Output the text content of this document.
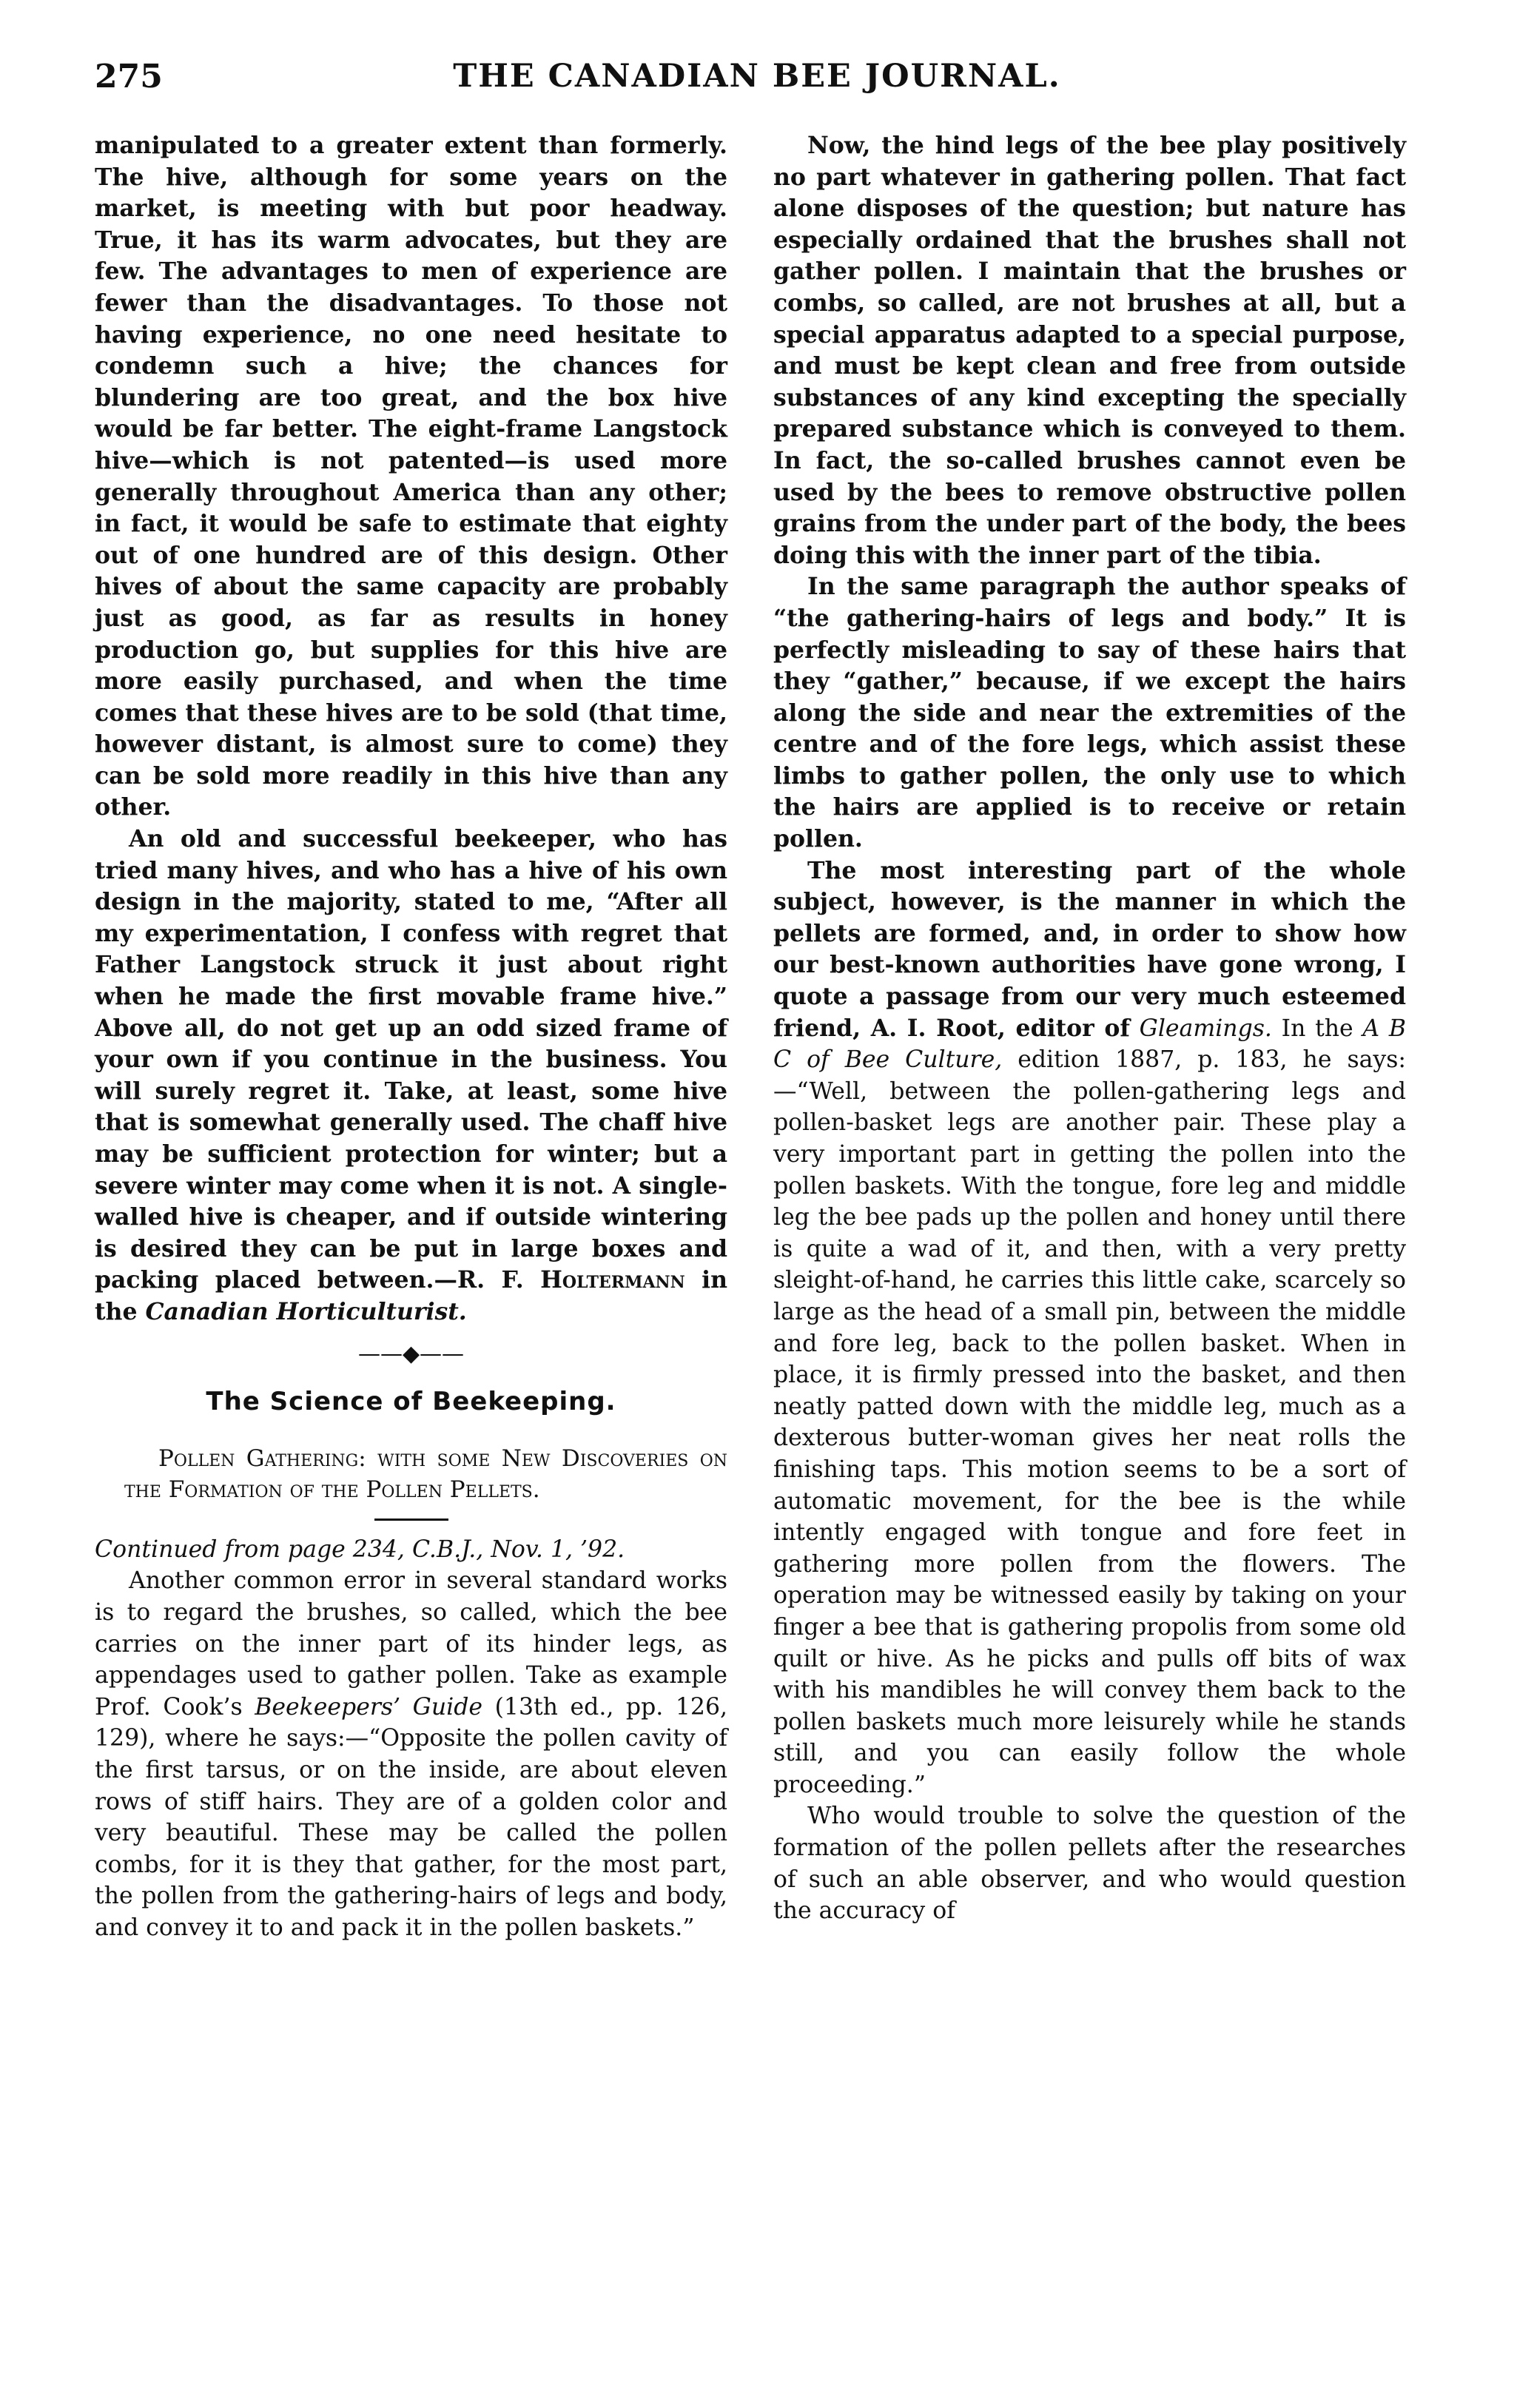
275	THE CANADIAN BEE JOURNAL.

manipulated to a greater extent than formerly. The hive, although for some years on the market, is meeting with but poor headway. True, it has its warm advocates, but they are few. The advantages to men of experience are fewer than the disadvantages. To those not having experience, no one need hesitate to condemn such a hive; the chances for blundering are too great, and the box hive would be far better. The eight-frame Langstock hive—which is not patented—is used more generally throughout America than any other; in fact, it would be safe to estimate that eighty out of one hundred are of this design. Other hives of about the same capacity are probably just as good, as far as results in honey production go, but supplies for this hive are more easily purchased, and when the time comes that these hives are to be sold (that time, however distant, is almost sure to come) they can be sold more readily in this hive than any other.

An old and successful beekeeper, who has tried many hives, and who has a hive of his own design in the majority, stated to me, “After all my experimentation, I confess with regret that Father Langstock struck it just about right when he made the first movable frame hive.” Above all, do not get up an odd sized frame of your own if you continue in the business. You will surely regret it. Take, at least, some hive that is somewhat generally used. The chaff hive may be sufficient protection for winter; but a severe winter may come when it is not. A single-walled hive is cheaper, and if outside wintering is desired they can be put in large boxes and packing placed between.—R. F. Holtermann in the Canadian Horticulturist.

——◆——
The Science of Beekeeping.

Pollen Gathering: with some New Discoveries on the Formation of the Pollen Pellets.

Continued from page 234, C.B.J., Nov. 1, ’92.

Another common error in several standard works is to regard the brushes, so called, which the bee carries on the inner part of its hinder legs, as appendages used to gather pollen. Take as example Prof. Cook’s Beekeepers’ Guide (13th ed., pp. 126, 129), where he says:—“Opposite the pollen cavity of the first tarsus, or on the inside, are about eleven rows of stiff hairs. They are of a golden color and very beautiful. These may be called the pollen combs, for it is they that gather, for the most part, the pollen from the gathering-hairs of legs and body, and convey it to and pack it in the pollen baskets.”

Now, the hind legs of the bee play positively no part whatever in gathering pollen. That fact alone disposes of the question; but nature has especially ordained that the brushes shall not gather pollen. I maintain that the brushes or combs, so called, are not brushes at all, but a special apparatus adapted to a special purpose, and must be kept clean and free from outside substances of any kind excepting the specially prepared substance which is conveyed to them. In fact, the so-called brushes cannot even be used by the bees to remove obstructive pollen grains from the under part of the body, the bees doing this with the inner part of the tibia.

In the same paragraph the author speaks of “the gathering-hairs of legs and body.” It is perfectly misleading to say of these hairs that they “gather,” because, if we except the hairs along the side and near the extremities of the centre and of the fore legs, which assist these limbs to gather pollen, the only use to which the hairs are applied is to receive or retain pollen.

The most interesting part of the whole subject, however, is the manner in which the pellets are formed, and, in order to show how our best-known authorities have gone wrong, I quote a passage from our very much esteemed friend, A. I. Root, editor of Gleamings. In the A B C of Bee Culture, edition 1887, p. 183, he says:—“Well, between the pollen-gathering legs and pollen-basket legs are another pair. These play a very important part in getting the pollen into the pollen baskets. With the tongue, fore leg and middle leg the bee pads up the pollen and honey until there is quite a wad of it, and then, with a very pretty sleight-of-hand, he carries this little cake, scarcely so large as the head of a small pin, between the middle and fore leg, back to the pollen basket. When in place, it is firmly pressed into the basket, and then neatly patted down with the middle leg, much as a dexterous butter-woman gives her neat rolls the finishing taps. This motion seems to be a sort of automatic movement, for the bee is the while intently engaged with tongue and fore feet in gathering more pollen from the flowers. The operation may be witnessed easily by taking on your finger a bee that is gathering propolis from some old quilt or hive. As he picks and pulls off bits of wax with his mandibles he will convey them back to the pollen baskets much more leisurely while he stands still, and you can easily follow the whole proceeding.”

Who would trouble to solve the question of the formation of the pollen pellets after the researches of such an able observer, and who would question the accuracy of
